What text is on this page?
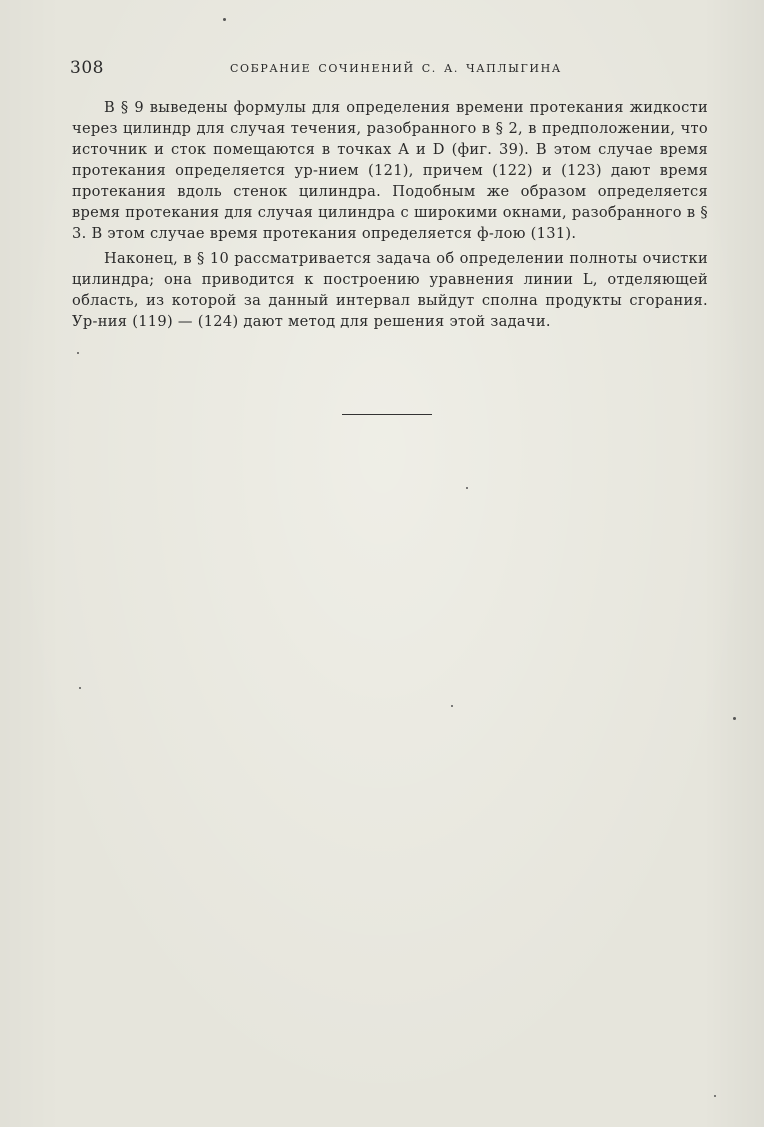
308	СОБРАНИЕ СОЧИНЕНИЙ С. А. ЧАПЛЫГИНА

В § 9 выведены формулы для определения времени протекания жидкости через цилиндр для случая течения, разобранного в § 2, в предположении, что источник и сток помещаются в точках A и D (фиг. 39). В этом случае время протекания определяется ур-нием (121), причем (122) и (123) дают время протекания вдоль стенок цилиндра. Подобным же образом определяется время протекания для случая цилиндра с широкими окнами, разобранного в § 3. В этом случае время протекания определяется ф-лою (131).

Наконец, в § 10 рассматривается задача об определении полноты очистки цилиндра; она приводится к построению уравнения линии L, отделяющей область, из которой за данный интервал выйдут сполна продукты сгорания. Ур-ния (119) — (124) дают метод для решения этой задачи.
